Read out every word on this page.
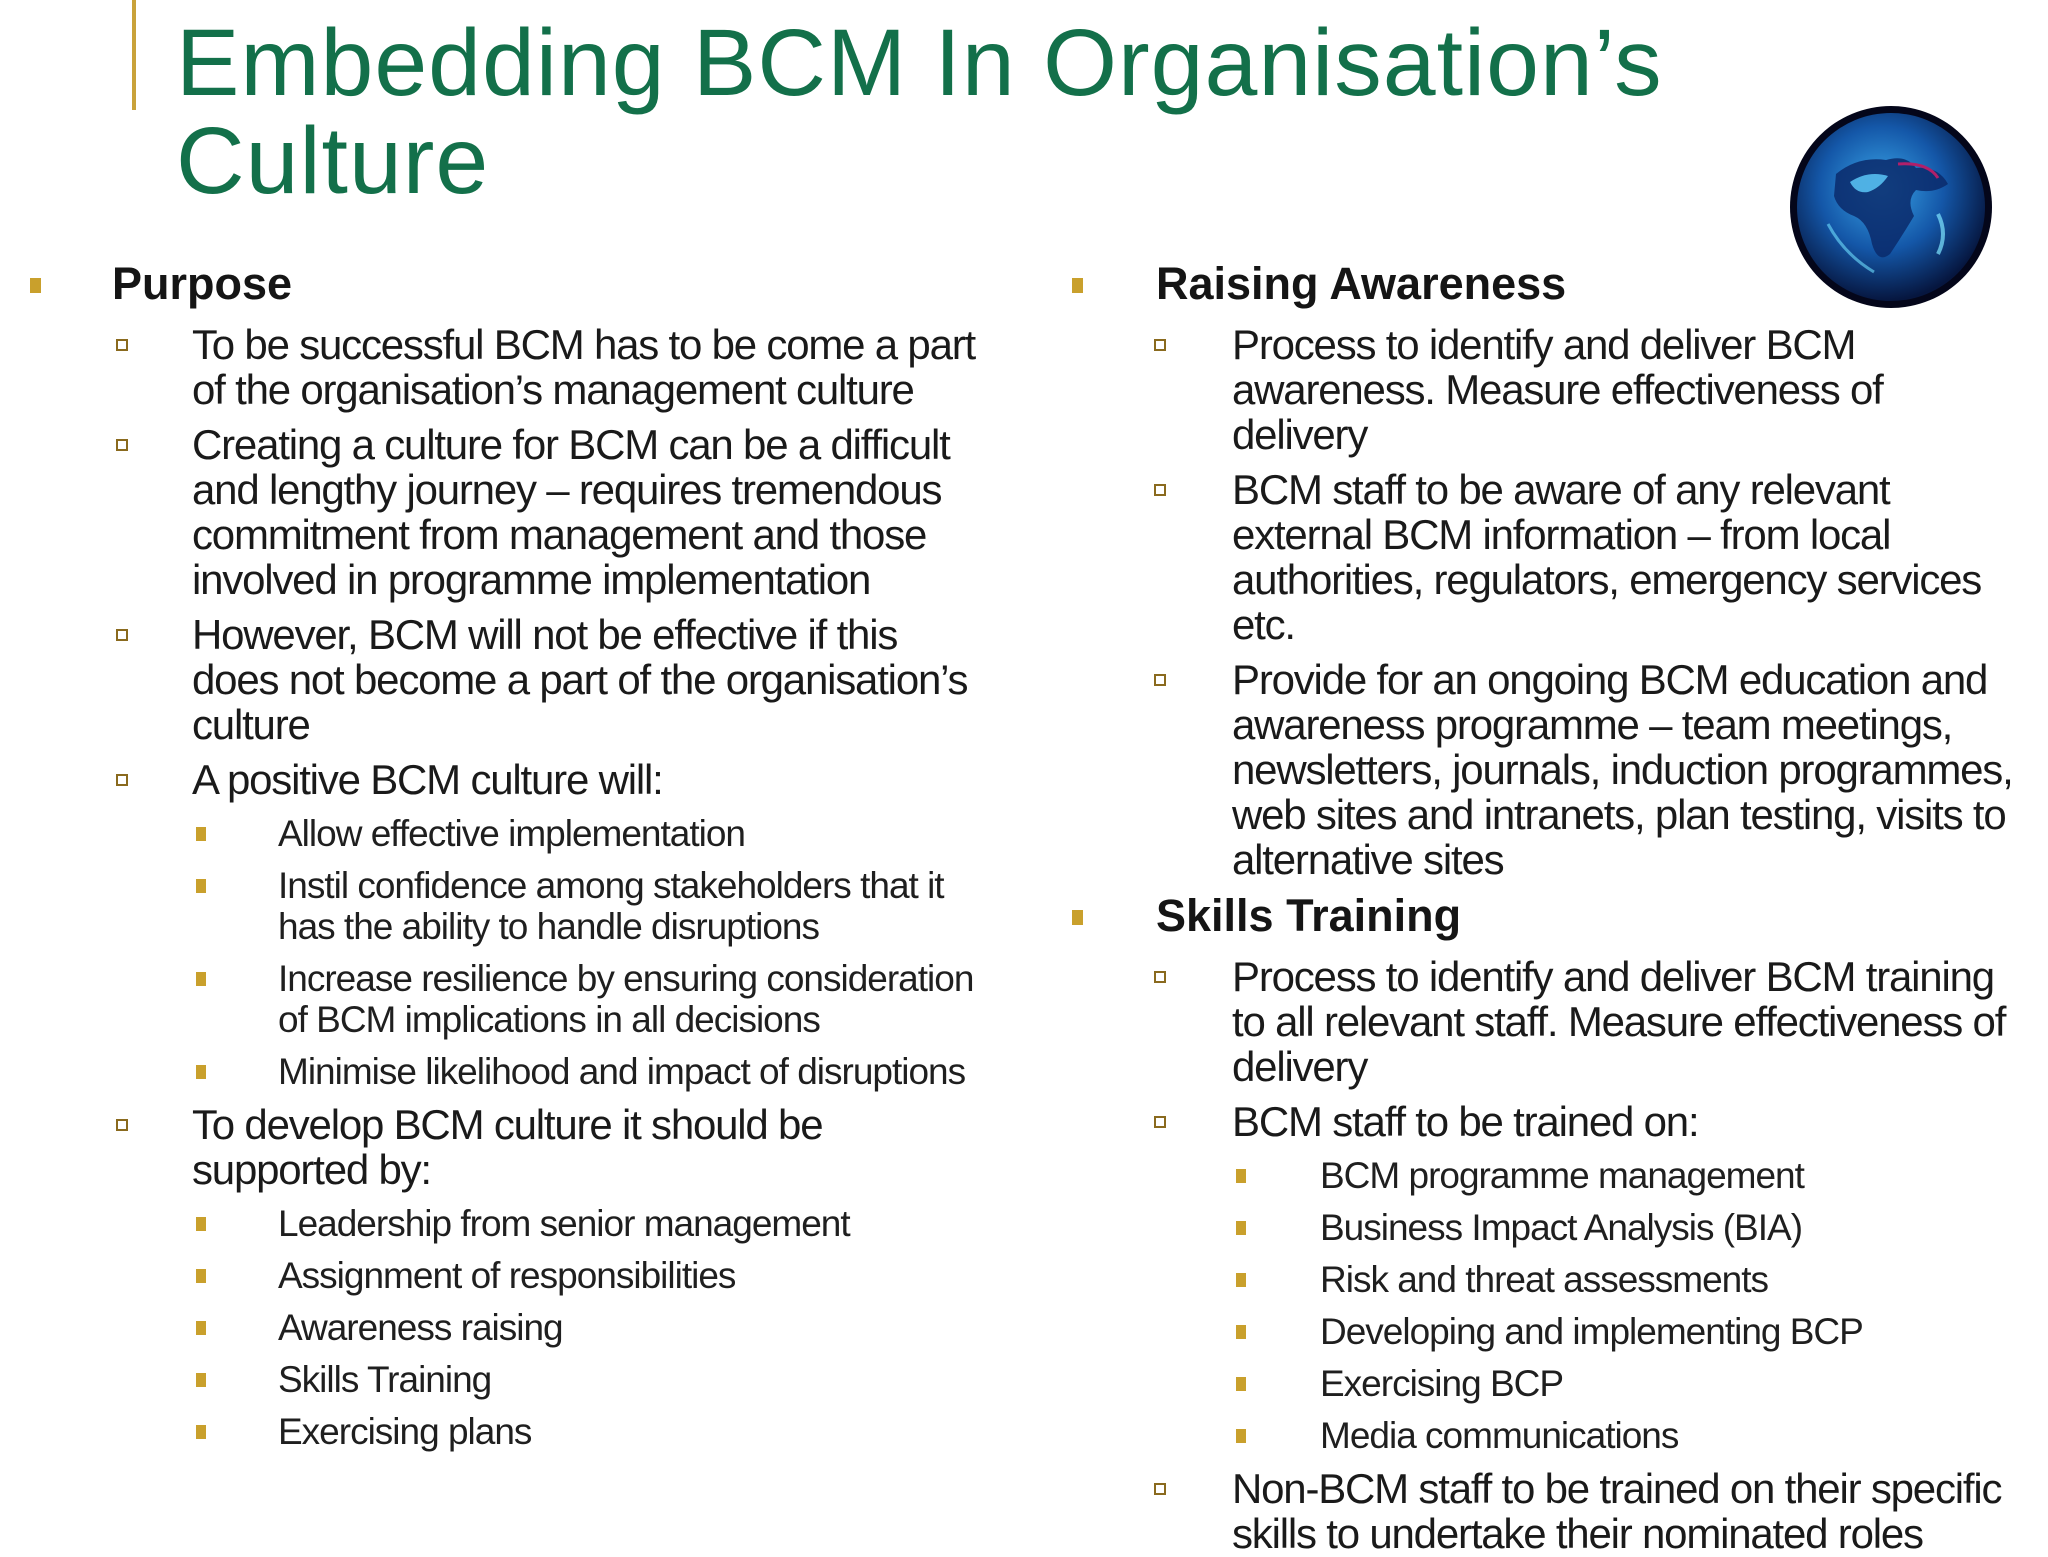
Embedding BCM In Organisation’s
Culture
Purpose
To be successful BCM has to be come a part of the organisation’s management culture
Creating a culture for BCM can be a difficult and lengthy journey – requires tremendous commitment from management and those involved in programme implementation
However, BCM will not be effective if this does not become a part of the organisation’s culture
A positive BCM culture will:
Allow effective implementation
Instil confidence among stakeholders that it has the ability to handle disruptions
Increase resilience by ensuring consideration of BCM implications in all decisions
Minimise likelihood and impact of disruptions
To develop BCM culture it should be supported by:
Leadership from senior management
Assignment of responsibilities
Awareness raising
Skills Training
Exercising plans
Raising Awareness
Process to identify and deliver BCM awareness. Measure effectiveness of delivery
BCM staff to be aware of any relevant external BCM information – from local authorities, regulators, emergency services etc.
Provide for an ongoing BCM education and awareness programme – team meetings, newsletters, journals, induction programmes, web sites and intranets, plan testing, visits to alternative sites
Skills Training
Process to identify and deliver BCM training to all relevant staff. Measure effectiveness of delivery
BCM staff to be trained on:
BCM programme management
Business Impact Analysis (BIA)
Risk and threat assessments
Developing and implementing BCP
Exercising BCP
Media communications
Non-BCM staff to be trained on their specific skills to undertake their nominated roles
